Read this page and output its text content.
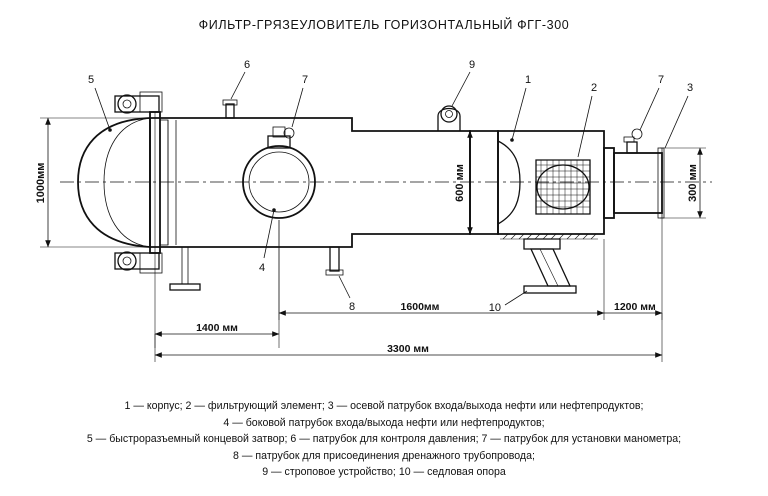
ФИЛЬТР-ГРЯЗЕУЛОВИТЕЛЬ ГОРИЗОНТАЛЬНЫЙ ФГГ-300
1000мм	600 мм	300 мм
1400 мм
1600мм	1200 мм
3300 мм
5
6
7
9
1
2
7
3
4
8	10
1 — корпус; 2 — фильтрующий элемент; 3 — осевой патрубок входа/выхода нефти или нефтепродуктов;
4 — боковой патрубок входа/выхода нефти или нефтепродуктов;
5 — быстроразъемный концевой затвор; 6 — патрубок для контроля давления; 7 — патрубок для установки манометра;
8 — патрубок для присоединения дренажного трубопровода;
9 — строповое устройство; 10 — седловая опора
